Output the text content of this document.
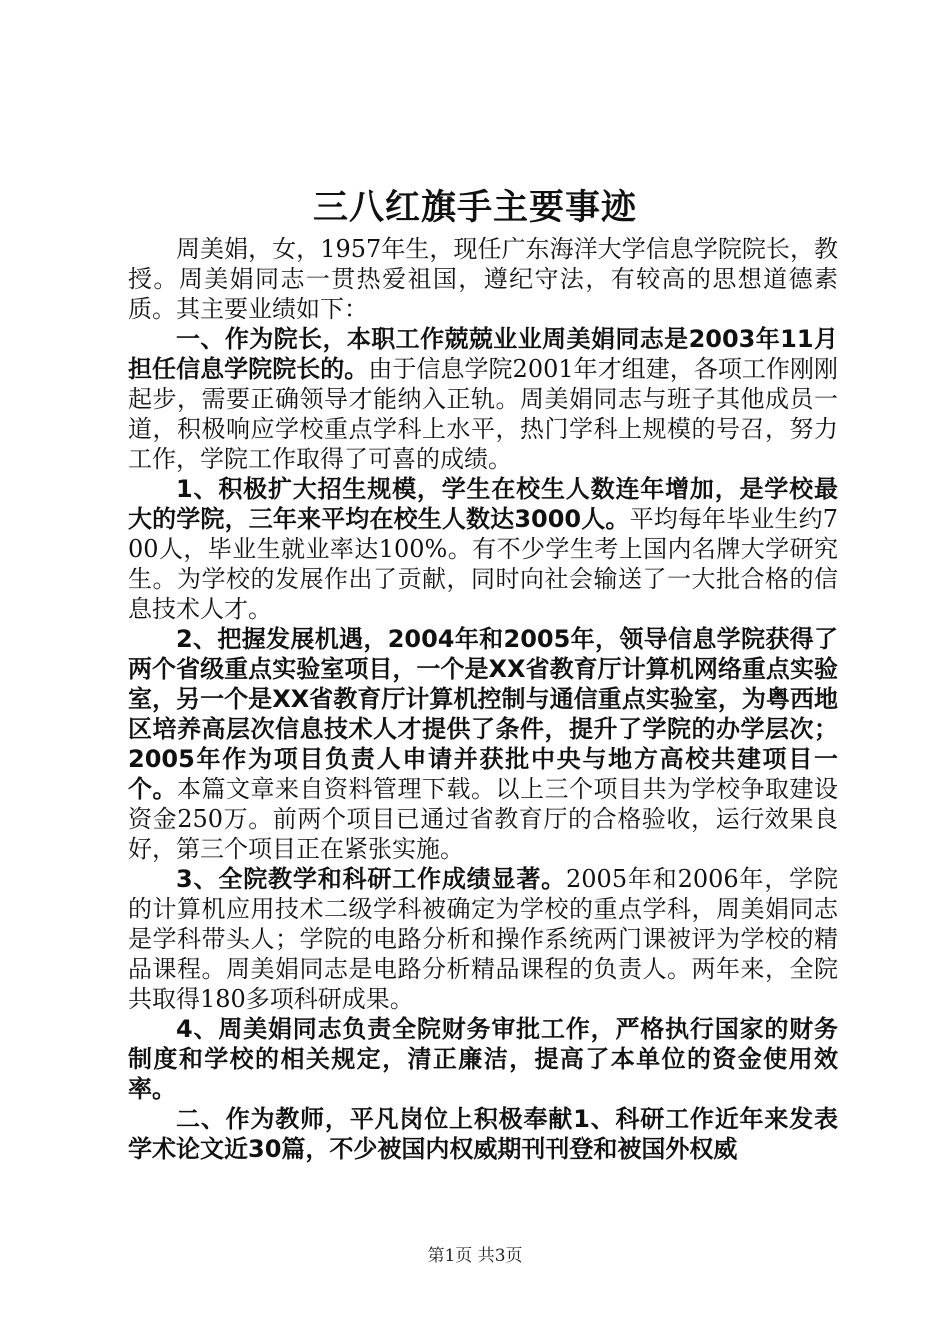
三八红旗手主要事迹

周美娟，女，1957年生，现任广东海洋大学信息学院院长，教授。周美娟同志一贯热爱祖国，遵纪守法，有较高的思想道德素质。其主要业绩如下：

一、作为院长，本职工作兢兢业业周美娟同志是2003年11月担任信息学院院长的。由于信息学院2001年才组建，各项工作刚刚起步，需要正确领导才能纳入正轨。周美娟同志与班子其他成员一道，积极响应学校重点学科上水平，热门学科上规模的号召，努力工作，学院工作取得了可喜的成绩。

1、积极扩大招生规模，学生在校生人数连年增加，是学校最大的学院，三年来平均在校生人数达3000人。平均每年毕业生约700人，毕业生就业率达100%。有不少学生考上国内名牌大学研究生。为学校的发展作出了贡献，同时向社会输送了一大批合格的信息技术人才。

2、把握发展机遇，2004年和2005年，领导信息学院获得了两个省级重点实验室项目，一个是XX省教育厅计算机网络重点实验室，另一个是XX省教育厅计算机控制与通信重点实验室，为粤西地区培养高层次信息技术人才提供了条件，提升了学院的办学层次；2005年作为项目负责人申请并获批中央与地方高校共建项目一个。本篇文章来自资料管理下载。以上三个项目共为学校争取建设资金250万。前两个项目已通过省教育厅的合格验收，运行效果良好，第三个项目正在紧张实施。

3、全院教学和科研工作成绩显著。2005年和2006年，学院的计算机应用技术二级学科被确定为学校的重点学科，周美娟同志是学科带头人；学院的电路分析和操作系统两门课被评为学校的精品课程。周美娟同志是电路分析精品课程的负责人。两年来，全院共取得180多项科研成果。

4、周美娟同志负责全院财务审批工作，严格执行国家的财务制度和学校的相关规定，清正廉洁，提高了本单位的资金使用效率。

二、作为教师，平凡岗位上积极奉献1、科研工作近年来发表学术论文近30篇，不少被国内权威期刊刊登和被国外权威

第1页 共3页
